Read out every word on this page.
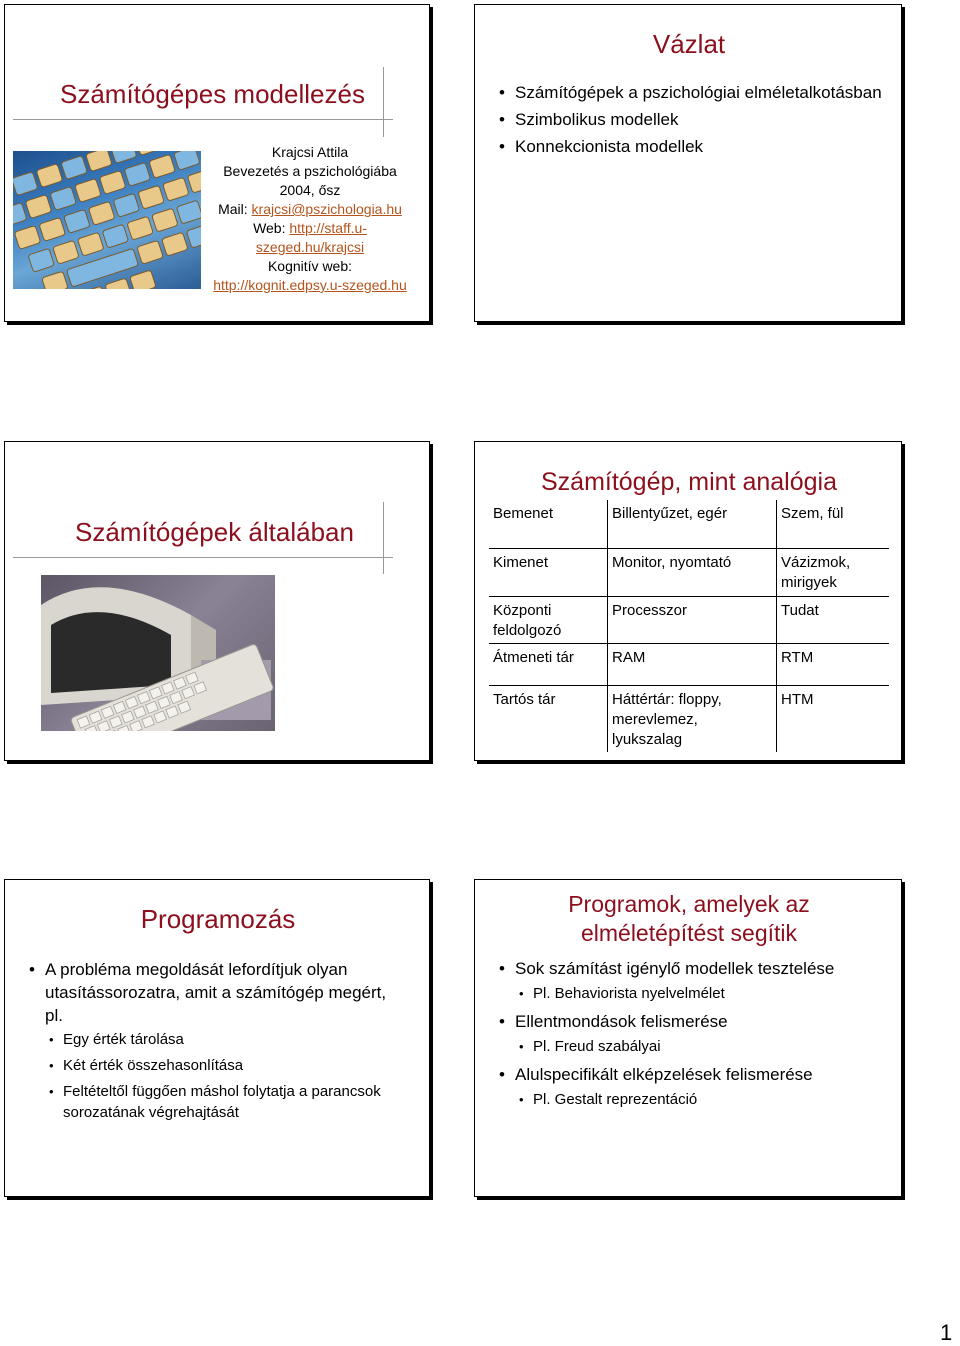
Számítógépes modellezés
Krajcsi Attila
Bevezetés a pszichológiába
2004, ősz
Mail: krajcsi@pszichologia.hu
Web: http://staff.u-
szeged.hu/krajcsi
Kognitív web:
http://kognit.edpsy.u-szeged.hu
Vázlat
• Számítógépek a pszichológiai elméletalkotásban
• Szimbolikus modellek
• Konnekcionista modellek
Számítógépek általában
Számítógép, mint analógia
Bemenet	Billentyűzet, egér	Szem, fül
Kimenet	Monitor, nyomtató	Vázizmok, mirigyek
Központi feldolgozó	Processzor	Tudat
Átmeneti tár	RAM	RTM
Tartós tár	Háttértár: floppy, merevlemez, lyukszalag	HTM
Programozás
• A probléma megoldását lefordítjuk olyan utasítássorozatra, amit a számítógép megért, pl.
• Egy érték tárolása
• Két érték összehasonlítása
• Feltételtől függően máshol folytatja a parancsok sorozatának végrehajtását
Programok, amelyek az elméletépítést segítik
• Sok számítást igénylő modellek tesztelése
• Pl. Behaviorista nyelvelmélet
• Ellentmondások felismerése
• Pl. Freud szabályai
• Alulspecifikált elképzelések felismerése
• Pl. Gestalt reprezentáció
1
